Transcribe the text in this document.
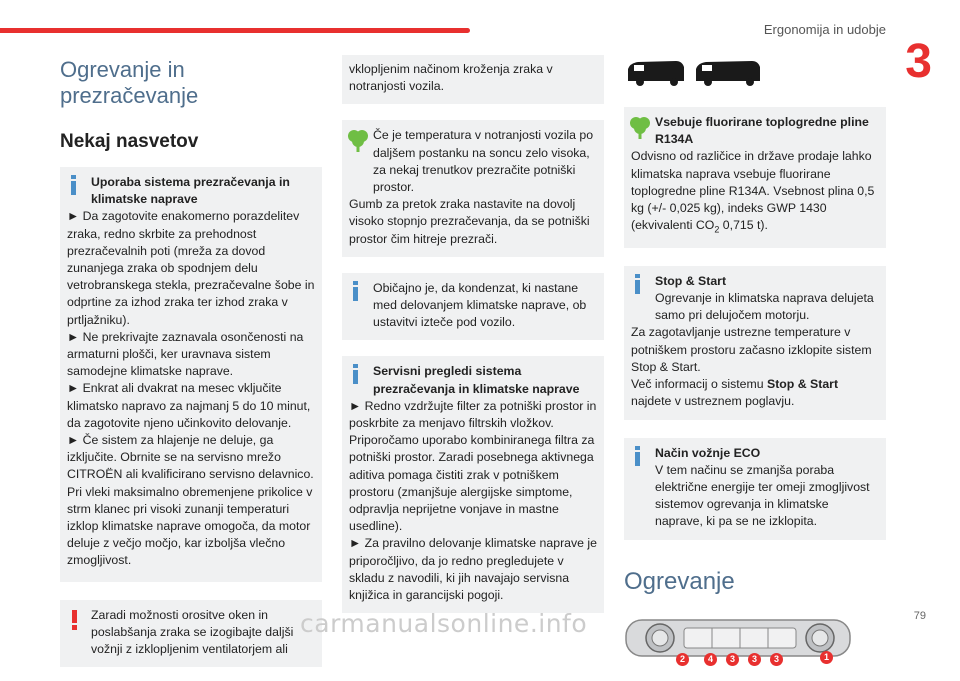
Ergonomija in udobje
3
Ogrevanje in
prezračevanje
Nekaj nasvetov
Uporaba sistema prezračevanja in klimatske naprave
► Da zagotovite enakomerno porazdelitev zraka, redno skrbite za prehodnost prezračevalnih poti (mreža za dovod zunanjega zraka ob spodnjem delu vetrobranskega stekla, prezračevalne šobe in odprtine za izhod zraka ter izhod zraka v prtljažniku).
► Ne prekrivajte zaznavala osončenosti na armaturni plošči, ker uravnava sistem samodejne klimatske naprave.
► Enkrat ali dvakrat na mesec vključite klimatsko napravo za najmanj 5 do 10 minut, da zagotovite njeno učinkovito delovanje.
► Če sistem za hlajenje ne deluje, ga izključite. Obrnite se na servisno mrežo CITROËN ali kvalificirano servisno delavnico.
Pri vleki maksimalno obremenjene prikolice v strm klanec pri visoki zunanji temperaturi izklop klimatske naprave omogoča, da motor deluje z večjo močjo, kar izboljša vlečno zmogljivost.
Zaradi možnosti orositve oken in poslabšanja zraka se izogibajte daljši vožnji z izklopljenim ventilatorjem ali
vklopljenim načinom kroženja zraka v notranjosti vozila.
Če je temperatura v notranjosti vozila po daljšem postanku na soncu zelo visoka, za nekaj trenutkov prezračite potniški prostor.
Gumb za pretok zraka nastavite na dovolj visoko stopnjo prezračevanja, da se potniški prostor čim hitreje prezrači.
Običajno je, da kondenzat, ki nastane med delovanjem klimatske naprave, ob ustavitvi izteče pod vozilo.
Servisni pregledi sistema prezračevanja in klimatske naprave
► Redno vzdržujte filter za potniški prostor in poskrbite za menjavo filtrskih vložkov.
Priporočamo uporabo kombiniranega filtra za potniški prostor. Zaradi posebnega aktivnega aditiva pomaga čistiti zrak v potniškem prostoru (zmanjšuje alergijske simptome, odpravlja neprijetne vonjave in mastne usedline).
► Za pravilno delovanje klimatske naprave je priporočljivo, da jo redno pregledujete v skladu z navodili, ki jih navajajo servisna knjižica in garancijski pogoji.
Vsebuje fluorirane toplogredne pline R134A
Odvisno od različice in države prodaje lahko klimatska naprava vsebuje fluorirane toplogredne pline R134A. Vsebnost plina 0,5 kg (+/- 0,025 kg), indeks GWP 1430 (ekvivalenti $CO_2$ 0,715 t).
Stop & Start
Ogrevanje in klimatska naprava delujeta samo pri delujočem motorju.
Za zagotavljanje ustrezne temperature v potniškem prostoru začasno izklopite sistem Stop & Start.
Več informacij o sistemu Stop & Start najdete v ustreznem poglavju.
Način vožnje ECO
V tem načinu se zmanjša poraba električne energije ter omeji zmogljivost sistemov ogrevanja in klimatske naprave, ki pa se ne izklopita.
Ogrevanje
2	4	3	3	3	1
carmanualsonline.info	79
